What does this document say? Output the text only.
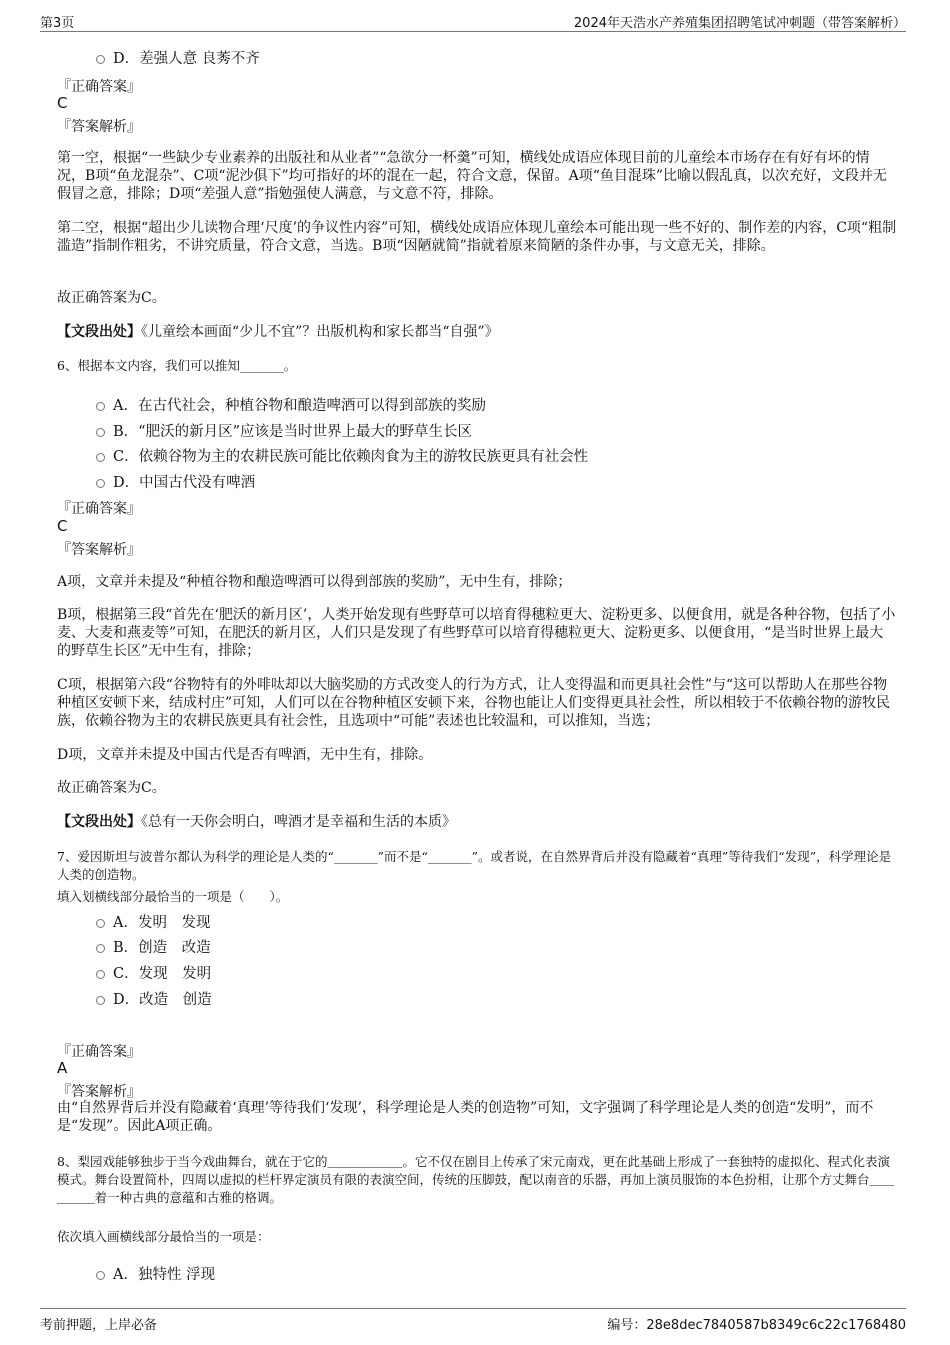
第3页	2024年天浩水产养殖集团招聘笔试冲刺题（带答案解析）
D．差强人意 良莠不齐
『正确答案』
C
『答案解析』
第一空，根据“一些缺少专业素养的出版社和从业者”“急欲分一杯羹”可知，横线处成语应体现目前的儿童绘本市场存在有好有坏的情况，B项“鱼龙混杂”、C项“泥沙俱下”均可指好的坏的混在一起，符合文意，保留。A项“鱼目混珠”比喻以假乱真，以次充好，文段并无假冒之意，排除；D项“差强人意”指勉强使人满意，与文意不符，排除。
第二空，根据“超出少儿读物合理‘尺度’的争议性内容”可知，横线处成语应体现儿童绘本可能出现一些不好的、制作差的内容，C项“粗制滥造”指制作粗劣，不讲究质量，符合文意，当选。B项“因陋就简”指就着原来简陋的条件办事，与文意无关，排除。
故正确答案为C。
【文段出处】《儿童绘本画面“少儿不宜”？出版机构和家长都当“自强”》
6、根据本文内容，我们可以推知_______。
A．在古代社会，种植谷物和酿造啤酒可以得到部族的奖励
B．“肥沃的新月区”应该是当时世界上最大的野草生长区
C．依赖谷物为主的农耕民族可能比依赖肉食为主的游牧民族更具有社会性
D．中国古代没有啤酒
『正确答案』
C
『答案解析』
A项，文章并未提及“种植谷物和酿造啤酒可以得到部族的奖励”，无中生有，排除；
B项，根据第三段“首先在‘肥沃的新月区’，人类开始发现有些野草可以培育得穗粒更大、淀粉更多、以便食用，就是各种谷物，包括了小麦、大麦和燕麦等”可知，在肥沃的新月区，人们只是发现了有些野草可以培育得穗粒更大、淀粉更多、以便食用，“是当时世界上最大的野草生长区”无中生有，排除；
C项，根据第六段“谷物特有的外啡呔却以大脑奖励的方式改变人的行为方式，让人变得温和而更具社会性”与“这可以帮助人在那些谷物种植区安顿下来，结成村庄”可知，人们可以在谷物种植区安顿下来，谷物也能让人们变得更具社会性，所以相较于不依赖谷物的游牧民族，依赖谷物为主的农耕民族更具有社会性，且选项中“可能”表述也比较温和，可以推知，当选；
D项，文章并未提及中国古代是否有啤酒，无中生有，排除。
故正确答案为C。
【文段出处】《总有一天你会明白，啤酒才是幸福和生活的本质》
7、爱因斯坦与波普尔都认为科学的理论是人类的“_______”而不是“_______”。或者说，在自然界背后并没有隐藏着“真理”等待我们“发现”，科学理论是人类的创造物。
填入划横线部分最恰当的一项是（　　）。
A．发明　发现
B．创造　改造
C．发现　发明
D．改造　创造
『正确答案』
A
『答案解析』
由“自然界背后并没有隐藏着‘真理’等待我们‘发现’，科学理论是人类的创造物”可知，文字强调了科学理论是人类的创造“发明”，而不是“发现”。因此A项正确。
8、梨园戏能够独步于当今戏曲舞台，就在于它的＿＿＿＿＿＿。它不仅在剧目上传承了宋元南戏，更在此基础上形成了一套独特的虚拟化、程式化表演模式。舞台设置简朴，四周以虚拟的栏杆界定演员有限的表演空间，传统的压脚鼓，配以南音的乐器，再加上演员服饰的本色扮相，让那个方丈舞台＿＿＿＿＿着一种古典的意蕴和古雅的格调。
依次填入画横线部分最恰当的一项是：
A．独特性 浮现
考前押题，上岸必备	编号：28e8dec7840587b8349c6c22c1768480
